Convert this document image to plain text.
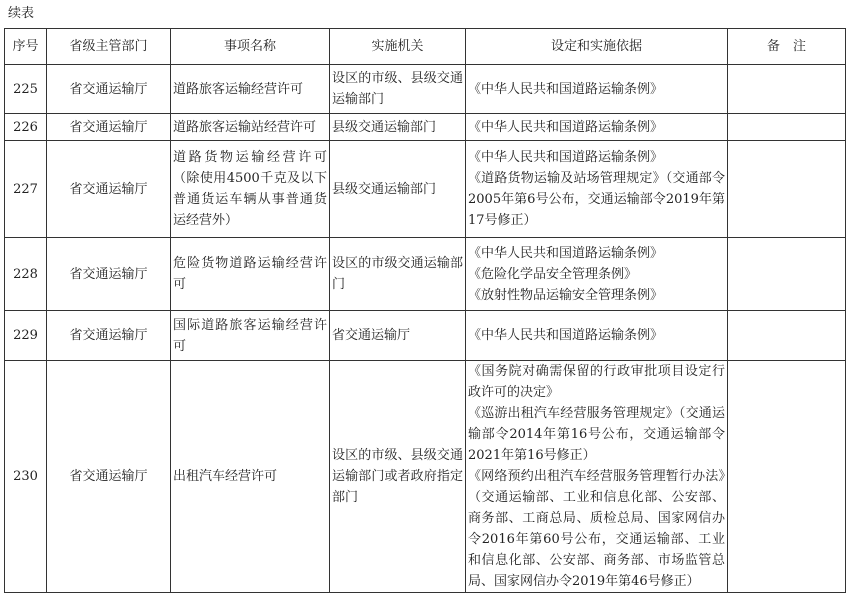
续表
序号	省级主管部门	事项名称	实施机关	设定和实施依据	备　注
225	省交通运输厅	道路旅客运输经营许可	设区的市级、县级交通运输部门	《中华人民共和国道路运输条例》	

226	省交通运输厅	道路旅客运输站经营许可	县级交通运输部门	《中华人民共和国道路运输条例》	

227	省交通运输厅	道路货物运输经营许可（除使用4500千克及以下普通货运车辆从事普通货运经营外）	县级交通运输部门	《中华人民共和国道路运输条例》
《道路货物运输及站场管理规定》（交通部令2005年第6号公布，交通运输部令2019年第17号修正）	

228	省交通运输厅	危险货物道路运输经营许可	设区的市级交通运输部门	《中华人民共和国道路运输条例》
《危险化学品安全管理条例》
《放射性物品运输安全管理条例》	

229	省交通运输厅	国际道路旅客运输经营许可	省交通运输厅	《中华人民共和国道路运输条例》	

230	省交通运输厅	出租汽车经营许可	设区的市级、县级交通运输部门或者政府指定部门	《国务院对确需保留的行政审批项目设定行政许可的决定》
《巡游出租汽车经营服务管理规定》（交通运输部令2014年第16号公布，交通运输部令2021年第16号修正）
《网络预约出租汽车经营服务管理暂行办法》（交通运输部、工业和信息化部、公安部、商务部、工商总局、质检总局、国家网信办令2016年第60号公布，交通运输部、工业和信息化部、公安部、商务部、市场监管总局、国家网信办令2019年第46号修正）	
